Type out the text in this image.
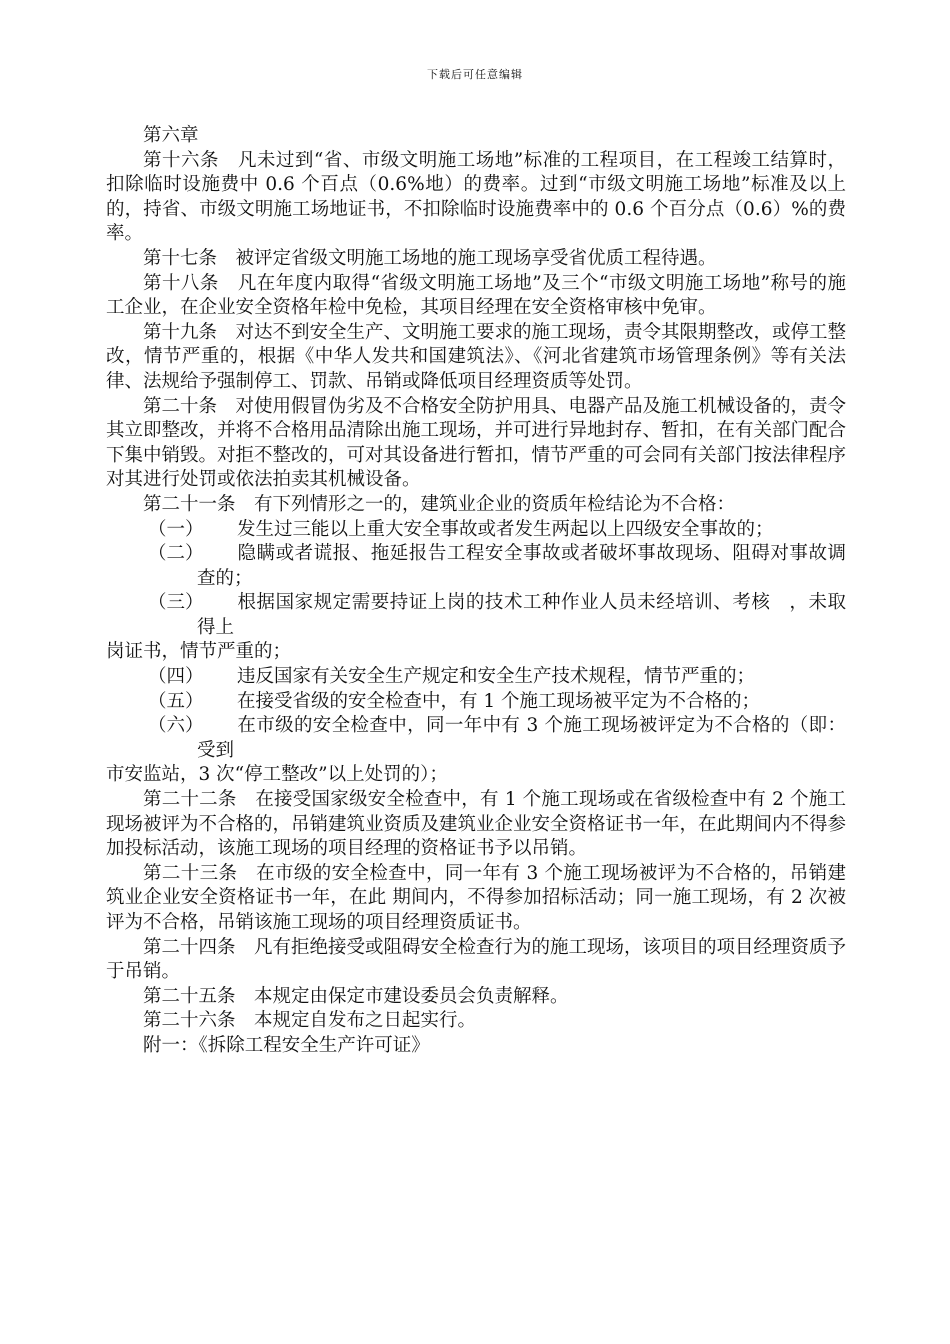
下载后可任意编辑

第六章

第十六条　凡未过到“省、市级文明施工场地”标准的工程项目，在工程竣工结算时，扣除临时设施费中 0.6 个百点（0.6%地）的费率。过到“市级文明施工场地”标准及以上的，持省、市级文明施工场地证书，不扣除临时设施费率中的 0.6 个百分点（0.6）%的费率。

第十七条　被评定省级文明施工场地的施工现场享受省优质工程待遇。

第十八条　凡在年度内取得“省级文明施工场地”及三个“市级文明施工场地”称号的施工企业，在企业安全资格年检中免检，其项目经理在安全资格审核中免审。

第十九条　对达不到安全生产、文明施工要求的施工现场，责令其限期整改，或停工整改，情节严重的，根据《中华人发共和国建筑法》、《河北省建筑市场管理条例》等有关法律、法规给予强制停工、罚款、吊销或降低项目经理资质等处罚。

第二十条　对使用假冒伪劣及不合格安全防护用具、电器产品及施工机械设备的，责令其立即整改，并将不合格用品清除出施工现场，并可进行异地封存、暂扣，在有关部门配合下集中销毁。对拒不整改的，可对其设备进行暂扣，情节严重的可会同有关部门按法律程序对其进行处罚或依法拍卖其机械设备。

第二十一条　有下列情形之一的，建筑业企业的资质年检结论为不合格：

（一） 发生过三能以上重大安全事故或者发生两起以上四级安全事故的；

（二） 隐瞒或者谎报、拖延报告工程安全事故或者破坏事故现场、阻碍对事故调查的；

（三） 根据国家规定需要持证上岗的技术工种作业人员未经培训、考核　，未取得上

岗证书，情节严重的；

（四） 违反国家有关安全生产规定和安全生产技术规程，情节严重的；

（五） 在接受省级的安全检查中，有 1 个施工现场被平定为不合格的；

（六） 在市级的安全检查中，同一年中有 3 个施工现场被评定为不合格的（即：受到

市安监站，3 次“停工整改”以上处罚的）；

第二十二条　在接受国家级安全检查中，有 1 个施工现场或在省级检查中有 2 个施工现场被评为不合格的，吊销建筑业资质及建筑业企业安全资格证书一年，在此期间内不得参加投标活动，该施工现场的项目经理的资格证书予以吊销。

第二十三条　在市级的安全检查中，同一年有 3 个施工现场被评为不合格的，吊销建筑业企业安全资格证书一年，在此 期间内，不得参加招标活动；同一施工现场，有 2 次被评为不合格，吊销该施工现场的项目经理资质证书。

第二十四条　凡有拒绝接受或阻碍安全检查行为的施工现场，该项目的项目经理资质予于吊销。

第二十五条　本规定由保定市建设委员会负责解释。

第二十六条　本规定自发布之日起实行。

附一：《拆除工程安全生产许可证》
